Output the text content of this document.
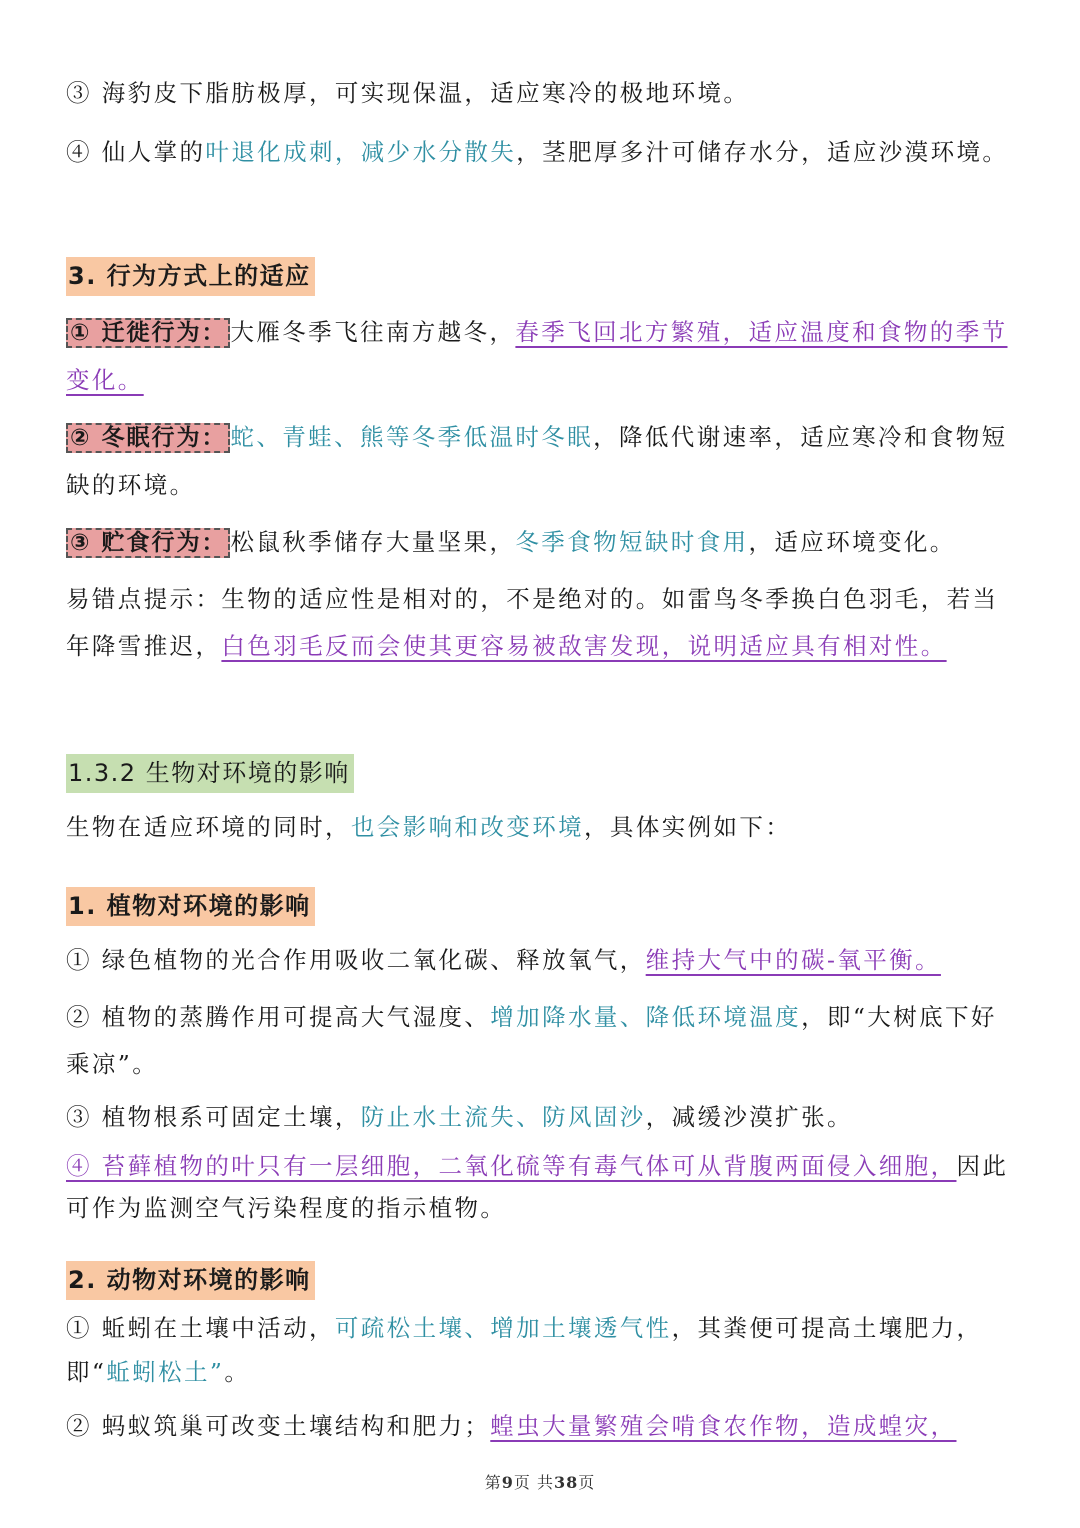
③ 海豹皮下脂肪极厚，可实现保温，适应寒冷的极地环境。

④ 仙人掌的叶退化成刺，减少水分散失，茎肥厚多汁可储存水分，适应沙漠环境。

3. 行为方式上的适应

① 迁徙行为： 大雁冬季飞往南方越冬，春季飞回北方繁殖，适应温度和食物的季节变化。

② 冬眠行为： 蛇、青蛙、熊等冬季低温时冬眠，降低代谢速率，适应寒冷和食物短缺的环境。

③ 贮食行为： 松鼠秋季储存大量坚果，冬季食物短缺时食用，适应环境变化。

易错点提示：生物的适应性是相对的，不是绝对的。如雷鸟冬季换白色羽毛，若当年降雪推迟，白色羽毛反而会使其更容易被敌害发现，说明适应具有相对性。

1.3.2 生物对环境的影响

生物在适应环境的同时，也会影响和改变环境，具体实例如下：

1. 植物对环境的影响

① 绿色植物的光合作用吸收二氧化碳、释放氧气，维持大气中的碳-氧平衡。

② 植物的蒸腾作用可提高大气湿度、增加降水量、降低环境温度，即“大树底下好乘凉”。

③ 植物根系可固定土壤，防止水土流失、防风固沙，减缓沙漠扩张。

④ 苔藓植物的叶只有一层细胞，二氧化硫等有毒气体可从背腹两面侵入细胞，因此可作为监测空气污染程度的指示植物。

2. 动物对环境的影响

① 蚯蚓在土壤中活动，可疏松土壤、增加土壤透气性，其粪便可提高土壤肥力，即“蚯蚓松土”。

② 蚂蚁筑巢可改变土壤结构和肥力；蝗虫大量繁殖会啃食农作物，造成蝗灾，

第9页 共38页
